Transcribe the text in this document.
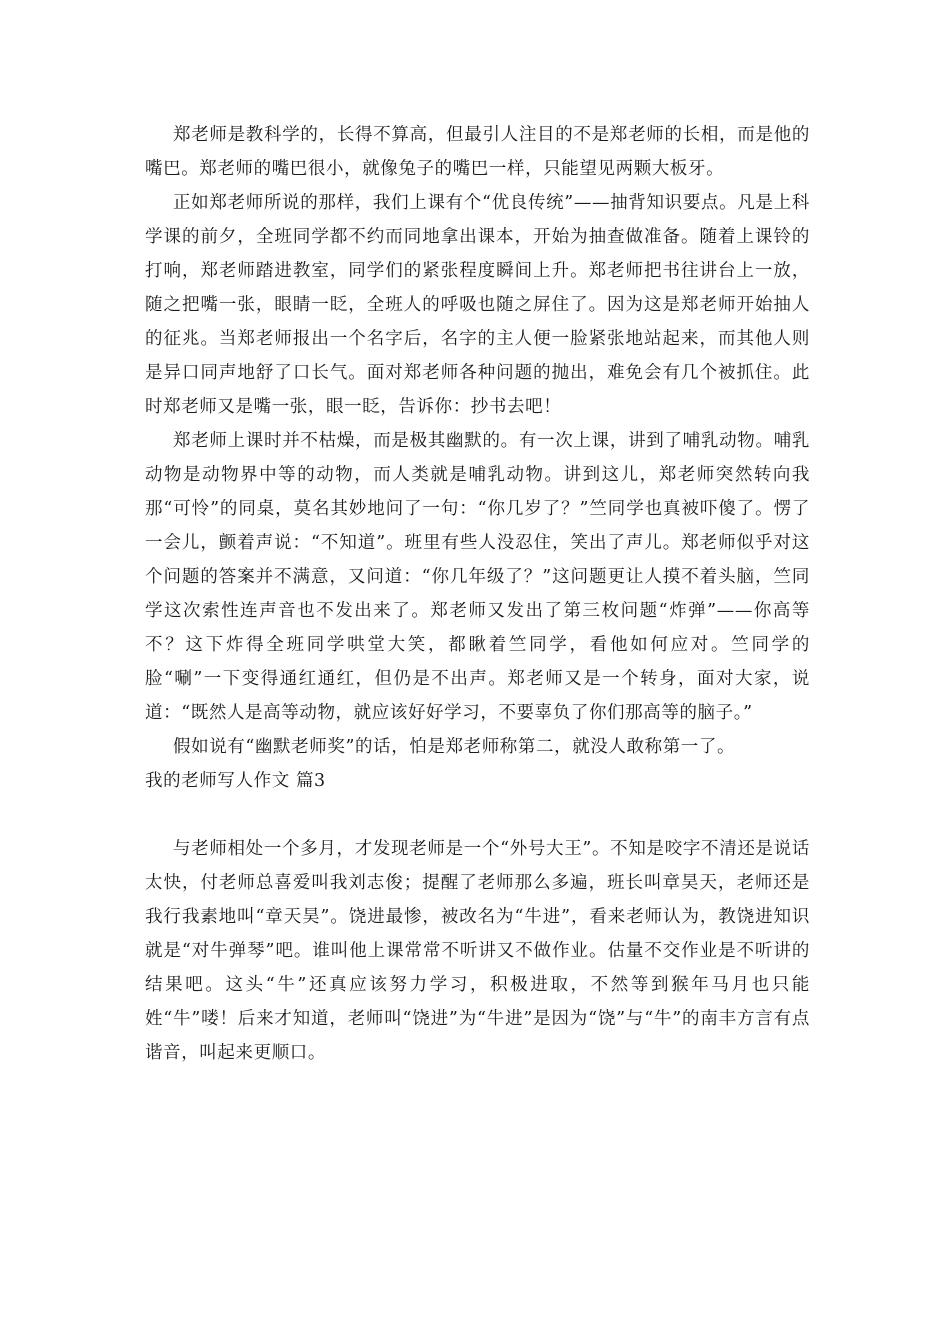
郑老师是教科学的，长得不算高，但最引人注目的不是郑老师的长相，而是他的嘴巴。郑老师的嘴巴很小，就像兔子的嘴巴一样，只能望见两颗大板牙。

正如郑老师所说的那样，我们上课有个“优良传统”——抽背知识要点。凡是上科学课的前夕，全班同学都不约而同地拿出课本，开始为抽查做准备。随着上课铃的打响，郑老师踏进教室，同学们的紧张程度瞬间上升。郑老师把书往讲台上一放，随之把嘴一张，眼睛一眨，全班人的呼吸也随之屏住了。因为这是郑老师开始抽人的征兆。当郑老师报出一个名字后，名字的主人便一脸紧张地站起来，而其他人则是异口同声地舒了口长气。面对郑老师各种问题的抛出，难免会有几个被抓住。此时郑老师又是嘴一张，眼一眨，告诉你：抄书去吧！

郑老师上课时并不枯燥，而是极其幽默的。有一次上课，讲到了哺乳动物。哺乳动物是动物界中等的动物，而人类就是哺乳动物。讲到这儿，郑老师突然转向我那“可怜”的同桌，莫名其妙地问了一句：“你几岁了？”竺同学也真被吓傻了。愣了一会儿，颤着声说：“不知道”。班里有些人没忍住，笑出了声儿。郑老师似乎对这个问题的答案并不满意，又问道：“你几年级了？”这问题更让人摸不着头脑，竺同学这次索性连声音也不发出来了。郑老师又发出了第三枚问题“炸弹”——你高等不？这下炸得全班同学哄堂大笑，都瞅着竺同学，看他如何应对。竺同学的脸“唰”一下变得通红通红，但仍是不出声。郑老师又是一个转身，面对大家，说道：“既然人是高等动物，就应该好好学习，不要辜负了你们那高等的脑子。”

假如说有“幽默老师奖”的话，怕是郑老师称第二，就没人敢称第一了。

我的老师写人作文 篇3

与老师相处一个多月，才发现老师是一个“外号大王”。不知是咬字不清还是说话太快，付老师总喜爱叫我刘志俊；提醒了老师那么多遍，班长叫章昊天，老师还是我行我素地叫“章天昊”。饶进最惨，被改名为“牛进”，看来老师认为，教饶进知识就是“对牛弹琴”吧。谁叫他上课常常不听讲又不做作业。估量不交作业是不听讲的结果吧。这头“牛”还真应该努力学习，积极进取，不然等到猴年马月也只能姓“牛”喽！后来才知道，老师叫“饶进”为“牛进”是因为“饶”与“牛”的南丰方言有点谐音，叫起来更顺口。
